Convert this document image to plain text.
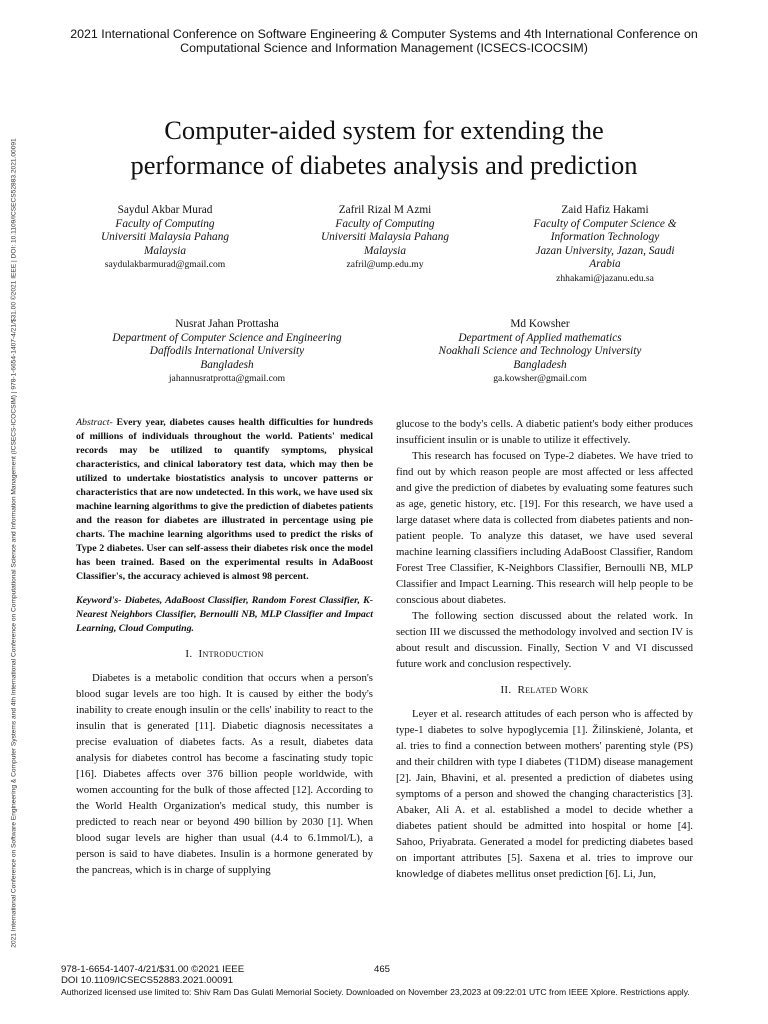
2021 International Conference on Software Engineering & Computer Systems and 4th International Conference on
Computational Science and Information Management (ICSECS-ICOCSIM)
2021 International Conference on Software Engineering & Computer Systems and 4th International Conference on Computational Science and Information Management (ICSECS-ICOCSIM) | 978-1-6654-1407-4/21/$31.00 ©2021 IEEE | DOI: 10.1109/ICSECS52883.2021.00091
Computer-aided system for extending the
performance of diabetes analysis and prediction
Saydul Akbar Murad
Faculty of Computing
Universiti Malaysia Pahang
Malaysia
saydulakbarmurad@gmail.com
Zafril Rizal M Azmi
Faculty of Computing
Universiti Malaysia Pahang
Malaysia
zafril@ump.edu.my
Zaid Hafiz Hakami
Faculty of Computer Science &
Information Technology
Jazan University, Jazan, Saudi
Arabia
zhhakami@jazanu.edu.sa
Nusrat Jahan Prottasha
Department of Computer Science and Engineering
Daffodils International University
Bangladesh
jahannusratprotta@gmail.com
Md Kowsher
Department of Applied mathematics
Noakhali Science and Technology University
Bangladesh
ga.kowsher@gmail.com

Abstract- Every year, diabetes causes health difficulties for hundreds of millions of individuals throughout the world. Patients' medical records may be utilized to quantify symptoms, physical characteristics, and clinical laboratory test data, which may then be utilized to undertake biostatistics analysis to uncover patterns or characteristics that are now undetected. In this work, we have used six machine learning algorithms to give the prediction of diabetes patients and the reason for diabetes are illustrated in percentage using pie charts. The machine learning algorithms used to predict the risks of Type 2 diabetes. User can self-assess their diabetes risk once the model has been trained. Based on the experimental results in AdaBoost Classifier's, the accuracy achieved is almost 98 percent.

Keyword's- Diabetes, AdaBoost Classifier, Random Forest Classifier, K-Nearest Neighbors Classifier, Bernoulli NB, MLP Classifier and Impact Learning, Cloud Computing.

I. Introduction

Diabetes is a metabolic condition that occurs when a person's blood sugar levels are too high. It is caused by either the body's inability to create enough insulin or the cells' inability to react to the insulin that is generated [11]. Diabetic diagnosis necessitates a precise evaluation of diabetes facts. As a result, diabetes data analysis for diabetes control has become a fascinating study topic [16]. Diabetes affects over 376 billion people worldwide, with women accounting for the bulk of those affected [12]. According to the World Health Organization's medical study, this number is predicted to reach near or beyond 490 billion by 2030 [1]. When blood sugar levels are higher than usual (4.4 to 6.1mmol/L), a person is said to have diabetes. Insulin is a hormone generated by the pancreas, which is in charge of supplying

glucose to the body's cells. A diabetic patient's body either produces insufficient insulin or is unable to utilize it effectively.

This research has focused on Type-2 diabetes. We have tried to find out by which reason people are most affected or less affected and give the prediction of diabetes by evaluating some features such as age, genetic history, etc. [19]. For this research, we have used a large dataset where data is collected from diabetes patients and non-patient people. To analyze this dataset, we have used several machine learning classifiers including AdaBoost Classifier, Random Forest Tree Classifier, K-Neighbors Classifier, Bernoulli NB, MLP Classifier and Impact Learning. This research will help people to be conscious about diabetes.

The following section discussed about the related work. In section III we discussed the methodology involved and section IV is about result and discussion. Finally, Section V and VI discussed future work and conclusion respectively.

II. Related Work

Leyer et al. research attitudes of each person who is affected by type-1 diabetes to solve hypoglycemia [1]. Žilinskienė, Jolanta, et al. tries to find a connection between mothers' parenting style (PS) and their children with type I diabetes (T1DM) disease management [2]. Jain, Bhavini, et al. presented a prediction of diabetes using symptoms of a person and showed the changing characteristics [3]. Abaker, Ali A. et al. established a model to decide whether a diabetes patient should be admitted into hospital or home [4]. Sahoo, Priyabrata. Generated a model for predicting diabetes based on important attributes [5]. Saxena et al. tries to improve our knowledge of diabetes mellitus onset prediction [6]. Li, Jun,

978-1-6654-1407-4/21/$31.00 ©2021 IEEE
DOI 10.1109/ICSECS52883.2021.00091
465
Authorized licensed use limited to: Shiv Ram Das Gulati Memorial Society. Downloaded on November 23,2023 at 09:22:01 UTC from IEEE Xplore. Restrictions apply.
